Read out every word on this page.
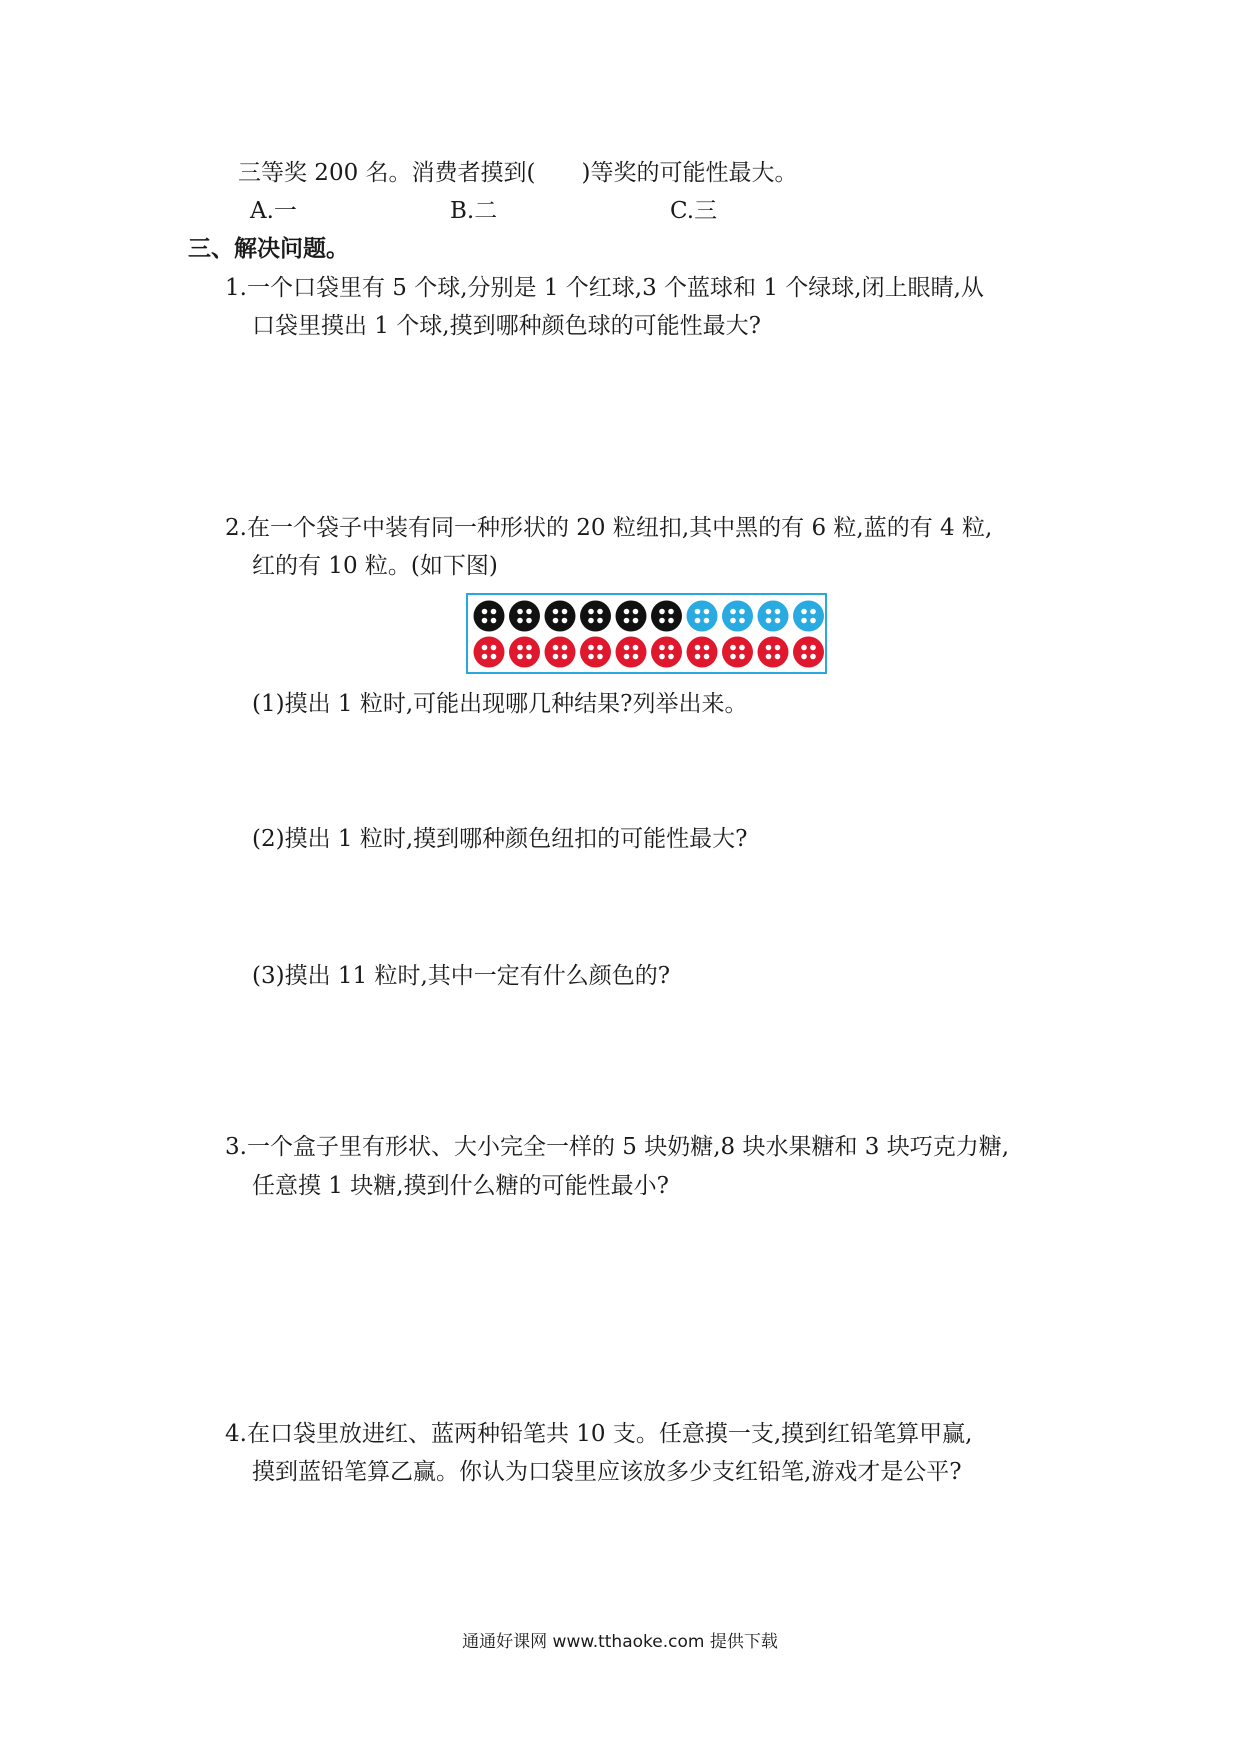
三等奖 200 名。消费者摸到(　　)等奖的可能性最大。
A.一	B.二	C.三
三、解决问题。
1.一个口袋里有 5 个球,分别是 1 个红球,3 个蓝球和 1 个绿球,闭上眼睛,从
口袋里摸出 1 个球,摸到哪种颜色球的可能性最大?
2.在一个袋子中装有同一种形状的 20 粒纽扣,其中黑的有 6 粒,蓝的有 4 粒,
红的有 10 粒。(如下图)
(1)摸出 1 粒时,可能出现哪几种结果?列举出来。
(2)摸出 1 粒时,摸到哪种颜色纽扣的可能性最大?
(3)摸出 11 粒时,其中一定有什么颜色的?
3.一个盒子里有形状、大小完全一样的 5 块奶糖,8 块水果糖和 3 块巧克力糖,
任意摸 1 块糖,摸到什么糖的可能性最小?
4.在口袋里放进红、蓝两种铅笔共 10 支。任意摸一支,摸到红铅笔算甲赢,
摸到蓝铅笔算乙赢。你认为口袋里应该放多少支红铅笔,游戏才是公平?
通通好课网 www.tthaoke.com 提供下载
